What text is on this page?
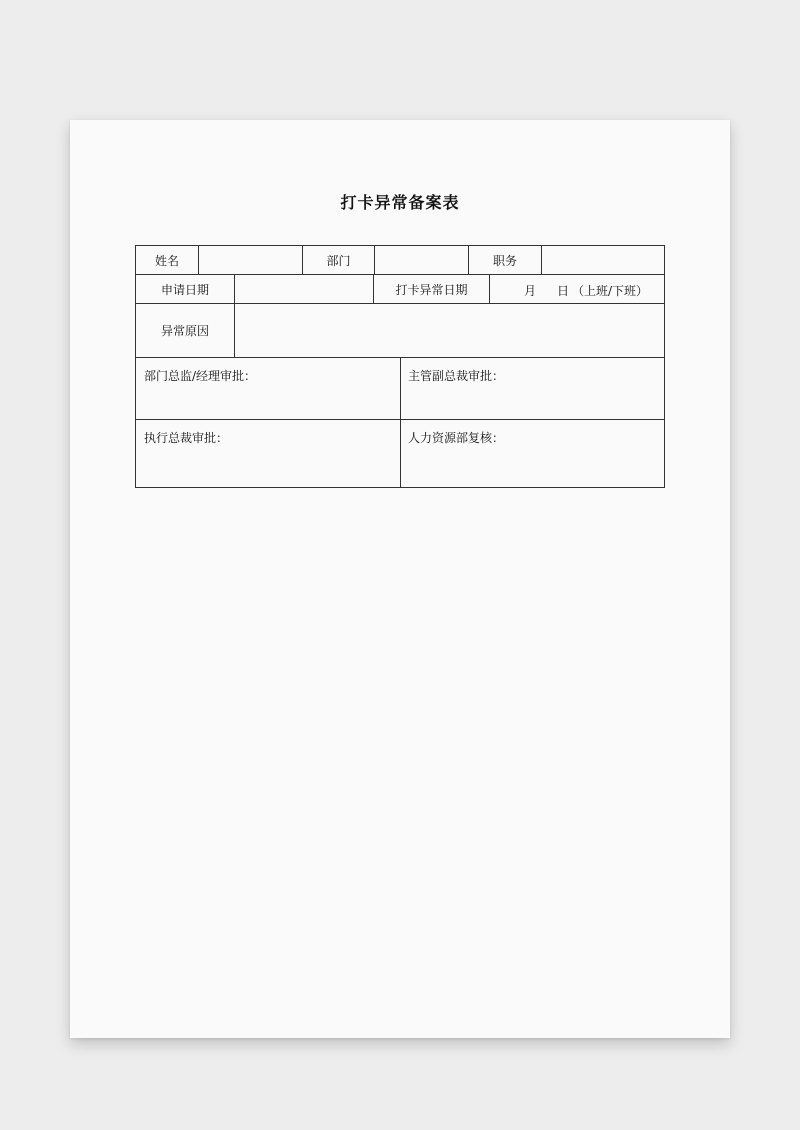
打卡异常备案表
姓名	部门	职务
申请日期	打卡异常日期	月 日 （上班/下班）
异常原因
部门总监/经理审批：	主管副总裁审批：
执行总裁审批：	人力资源部复核：
